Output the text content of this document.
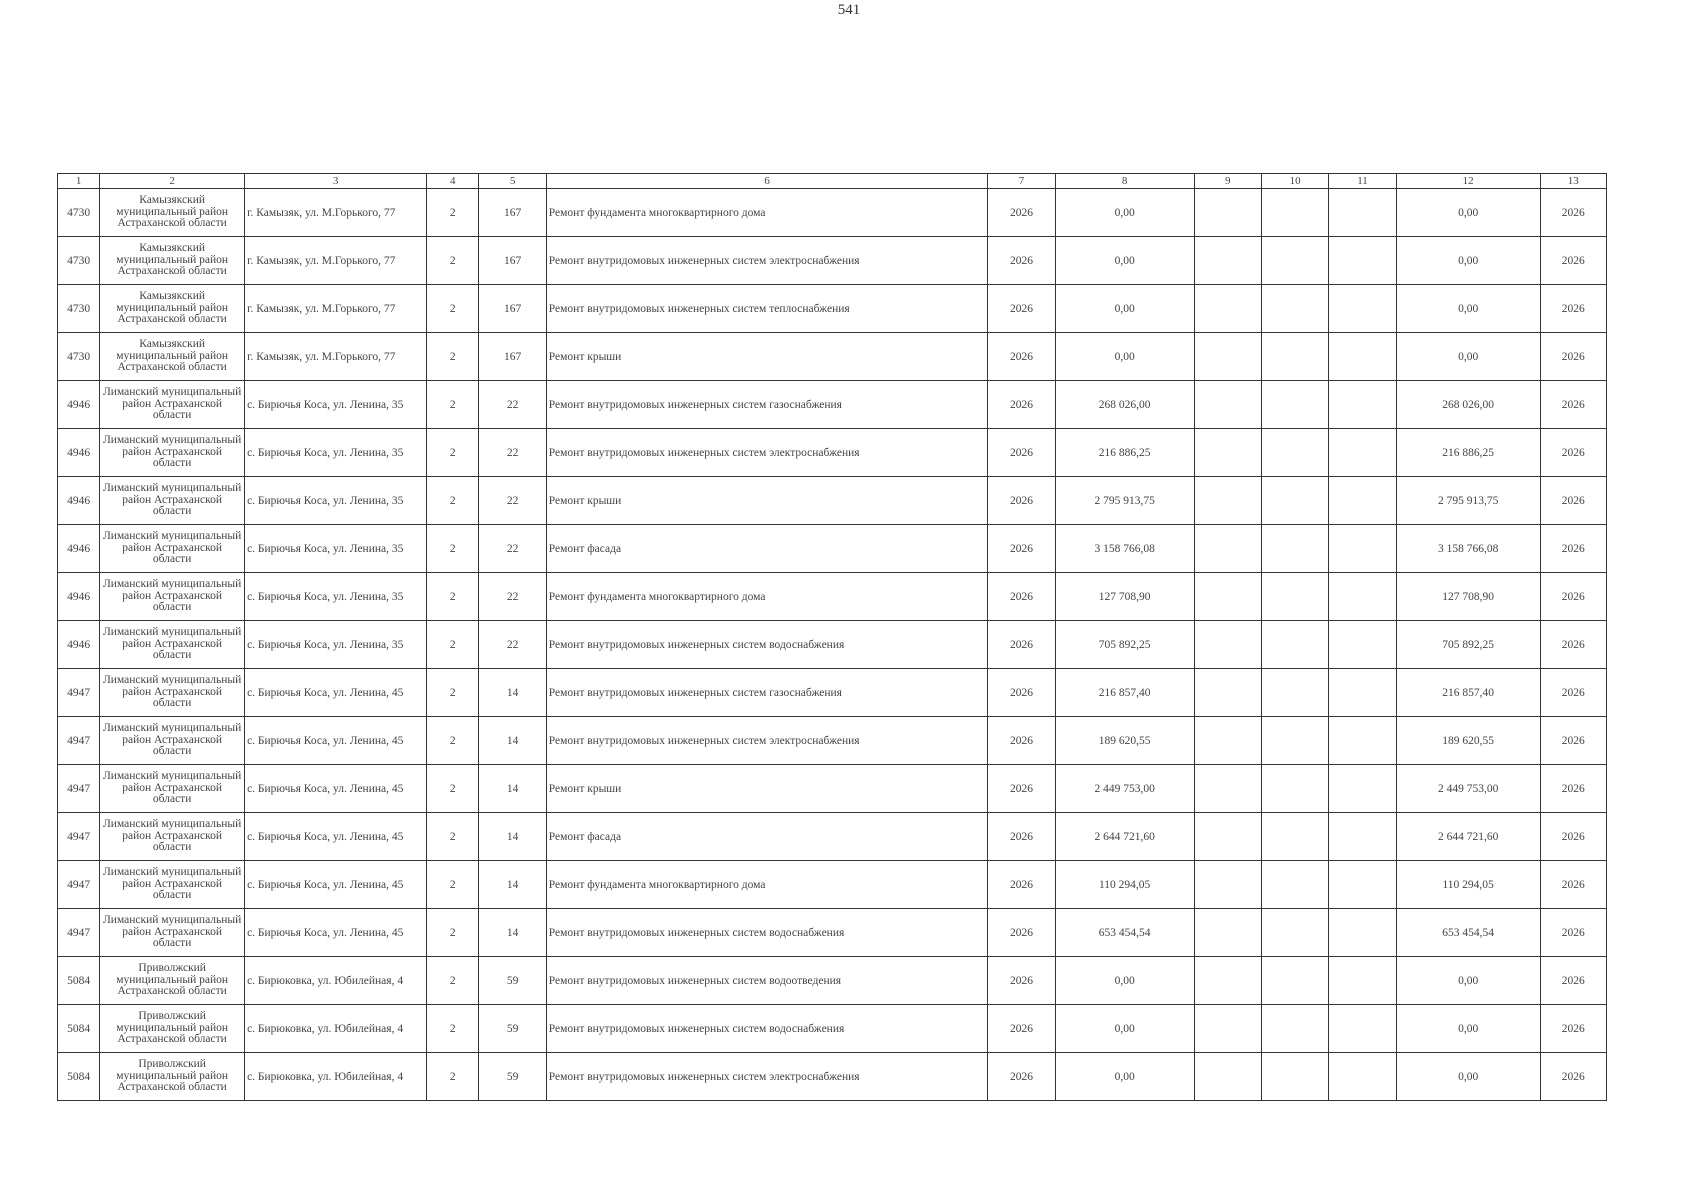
541
1	2	3	4	5	6	7	8	9	10	11	12	13
4730	Камызякский муниципальный район Астраханской области	г. Камызяк, ул. М.Горького, 77	2	167	Ремонт фундамента многоквартирного дома	2026	0,00				0,00	2026
4730	Камызякский муниципальный район Астраханской области	г. Камызяк, ул. М.Горького, 77	2	167	Ремонт внутридомовых инженерных систем электроснабжения	2026	0,00				0,00	2026
4730	Камызякский муниципальный район Астраханской области	г. Камызяк, ул. М.Горького, 77	2	167	Ремонт внутридомовых инженерных систем теплоснабжения	2026	0,00				0,00	2026
4730	Камызякский муниципальный район Астраханской области	г. Камызяк, ул. М.Горького, 77	2	167	Ремонт крыши	2026	0,00				0,00	2026
4946	Лиманский муниципальный район Астраханской области	с. Бирючья Коса, ул. Ленина, 35	2	22	Ремонт внутридомовых инженерных систем газоснабжения	2026	268 026,00				268 026,00	2026
4946	Лиманский муниципальный район Астраханской области	с. Бирючья Коса, ул. Ленина, 35	2	22	Ремонт внутридомовых инженерных систем электроснабжения	2026	216 886,25				216 886,25	2026
4946	Лиманский муниципальный район Астраханской области	с. Бирючья Коса, ул. Ленина, 35	2	22	Ремонт крыши	2026	2 795 913,75				2 795 913,75	2026
4946	Лиманский муниципальный район Астраханской области	с. Бирючья Коса, ул. Ленина, 35	2	22	Ремонт фасада	2026	3 158 766,08				3 158 766,08	2026
4946	Лиманский муниципальный район Астраханской области	с. Бирючья Коса, ул. Ленина, 35	2	22	Ремонт фундамента многоквартирного дома	2026	127 708,90				127 708,90	2026
4946	Лиманский муниципальный район Астраханской области	с. Бирючья Коса, ул. Ленина, 35	2	22	Ремонт внутридомовых инженерных систем водоснабжения	2026	705 892,25				705 892,25	2026
4947	Лиманский муниципальный район Астраханской области	с. Бирючья Коса, ул. Ленина, 45	2	14	Ремонт внутридомовых инженерных систем газоснабжения	2026	216 857,40				216 857,40	2026
4947	Лиманский муниципальный район Астраханской области	с. Бирючья Коса, ул. Ленина, 45	2	14	Ремонт внутридомовых инженерных систем электроснабжения	2026	189 620,55				189 620,55	2026
4947	Лиманский муниципальный район Астраханской области	с. Бирючья Коса, ул. Ленина, 45	2	14	Ремонт крыши	2026	2 449 753,00				2 449 753,00	2026
4947	Лиманский муниципальный район Астраханской области	с. Бирючья Коса, ул. Ленина, 45	2	14	Ремонт фасада	2026	2 644 721,60				2 644 721,60	2026
4947	Лиманский муниципальный район Астраханской области	с. Бирючья Коса, ул. Ленина, 45	2	14	Ремонт фундамента многоквартирного дома	2026	110 294,05				110 294,05	2026
4947	Лиманский муниципальный район Астраханской области	с. Бирючья Коса, ул. Ленина, 45	2	14	Ремонт внутридомовых инженерных систем водоснабжения	2026	653 454,54				653 454,54	2026
5084	Приволжский муниципальный район Астраханской области	с. Бирюковка, ул. Юбилейная, 4	2	59	Ремонт внутридомовых инженерных систем водоотведения	2026	0,00				0,00	2026
5084	Приволжский муниципальный район Астраханской области	с. Бирюковка, ул. Юбилейная, 4	2	59	Ремонт внутридомовых инженерных систем водоснабжения	2026	0,00				0,00	2026
5084	Приволжский муниципальный район Астраханской области	с. Бирюковка, ул. Юбилейная, 4	2	59	Ремонт внутридомовых инженерных систем электроснабжения	2026	0,00				0,00	2026
